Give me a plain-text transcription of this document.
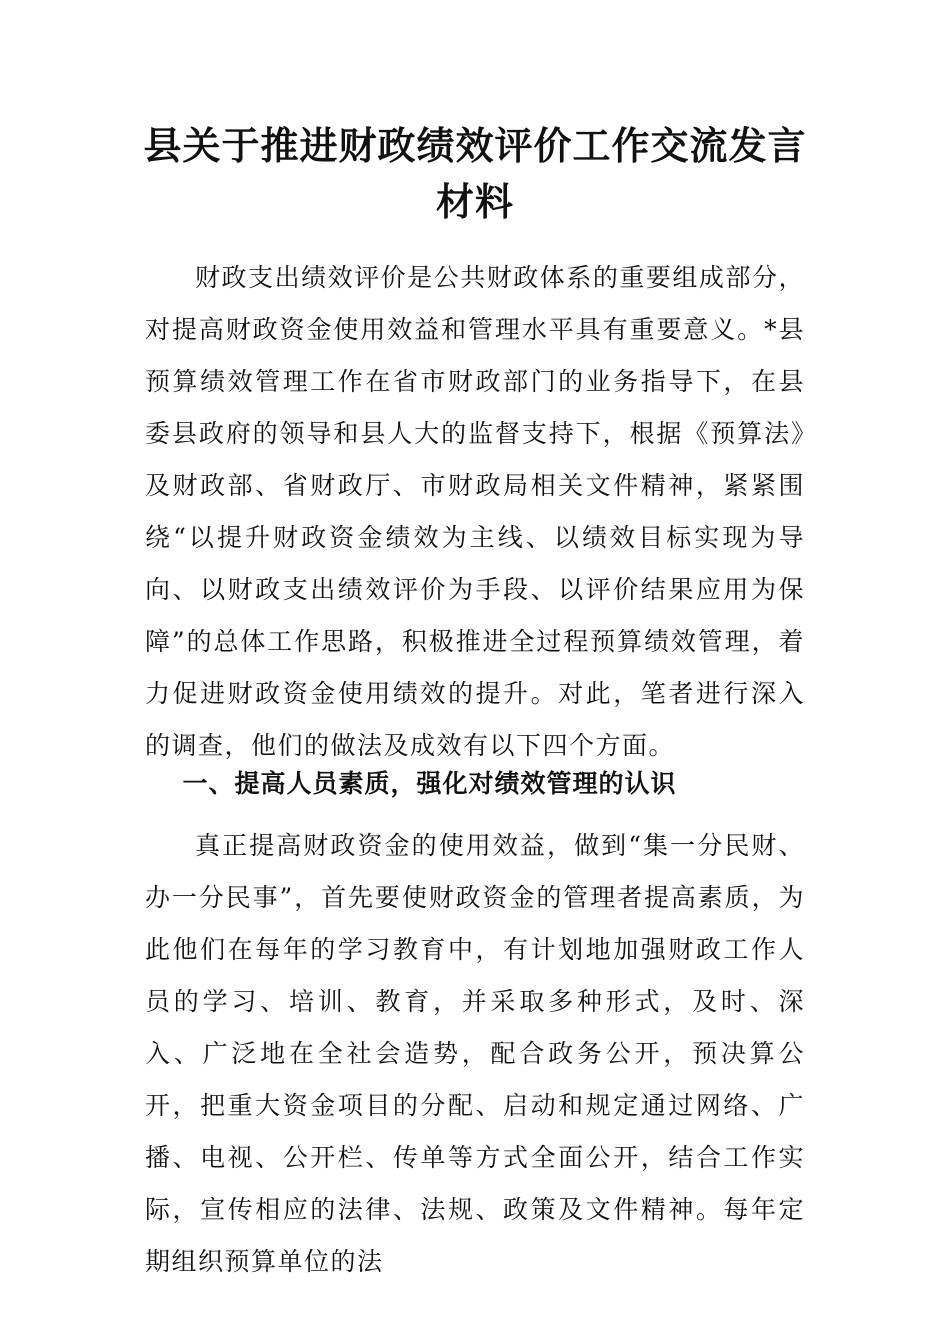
县关于推进财政绩效评价工作交流发言材料

财政支出绩效评价是公共财政体系的重要组成部分，对提高财政资金使用效益和管理水平具有重要意义。*县预算绩效管理工作在省市财政部门的业务指导下，在县委县政府的领导和县人大的监督支持下，根据《预算法》及财政部、省财政厅、市财政局相关文件精神，紧紧围绕“以提升财政资金绩效为主线、以绩效目标实现为导向、以财政支出绩效评价为手段、以评价结果应用为保障”的总体工作思路，积极推进全过程预算绩效管理，着力促进财政资金使用绩效的提升。对此，笔者进行深入的调查，他们的做法及成效有以下四个方面。

一、提高人员素质，强化对绩效管理的认识

真正提高财政资金的使用效益，做到“集一分民财、办一分民事”，首先要使财政资金的管理者提高素质，为此他们在每年的学习教育中，有计划地加强财政工作人员的学习、培训、教育，并采取多种形式，及时、深入、广泛地在全社会造势，配合政务公开，预决算公开，把重大资金项目的分配、启动和规定通过网络、广播、电视、公开栏、传单等方式全面公开，结合工作实际，宣传相应的法律、法规、政策及文件精神。每年定期组织预算单位的法
